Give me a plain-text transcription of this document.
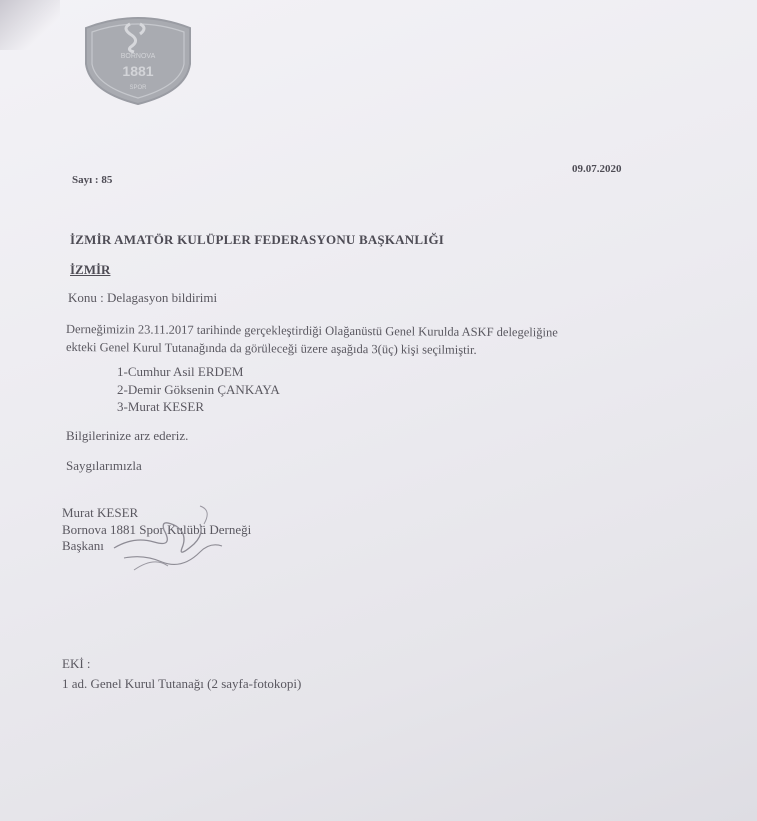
BORNOVA
1881
SPOR
Sayı : 85
09.07.2020
İZMİR AMATÖR KULÜPLER FEDERASYONU BAŞKANLIĞI
İZMİR
Konu : Delagasyon bildirimi
Derneğimizin 23.11.2017 tarihinde gerçekleştirdiği Olağanüstü Genel Kurulda ASKF delegeliğine
ekteki Genel Kurul Tutanağında da görüleceği üzere aşağıda 3(üç) kişi seçilmiştir.
1-Cumhur Asil ERDEM
2-Demir Göksenin ÇANKAYA
3-Murat KESER
Bilgilerinize arz ederiz.
Saygılarımızla
Murat KESER
Bornova 1881 Spor Kulübü Derneği
Başkanı
EKİ :
1 ad. Genel Kurul Tutanağı (2 sayfa-fotokopi)
